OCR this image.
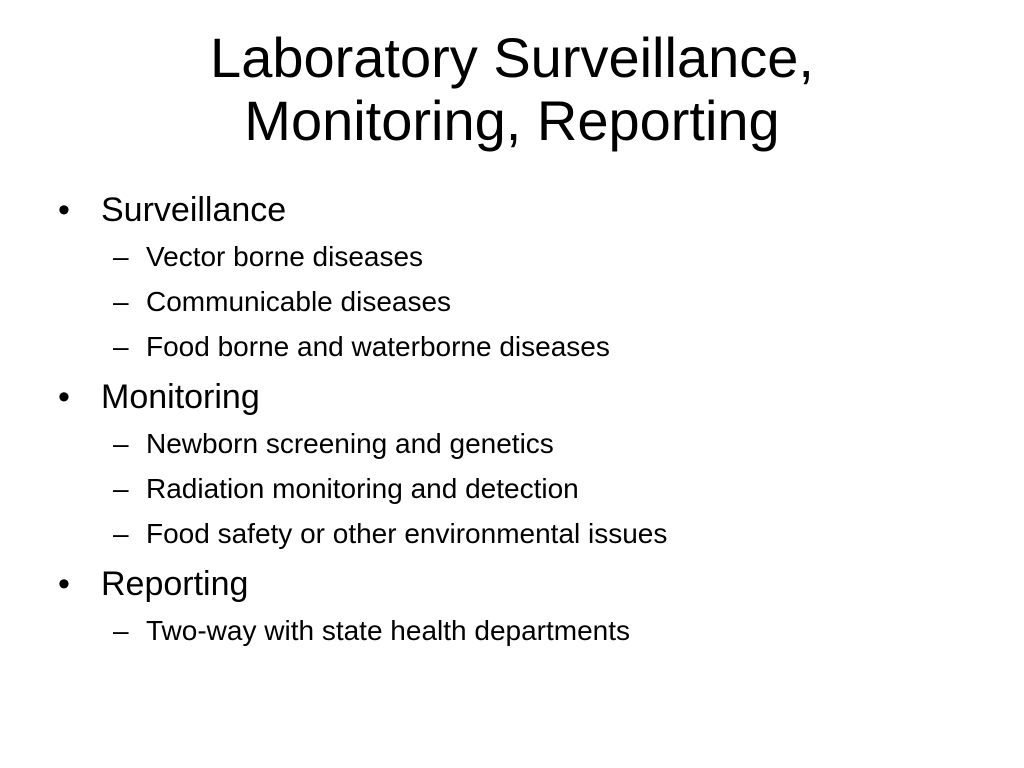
Laboratory Surveillance,
Monitoring, Reporting
• Surveillance
– Vector borne diseases
– Communicable diseases
– Food borne and waterborne diseases
• Monitoring
– Newborn screening and genetics
– Radiation monitoring and detection
– Food safety or other environmental issues
• Reporting
– Two-way with state health departments
